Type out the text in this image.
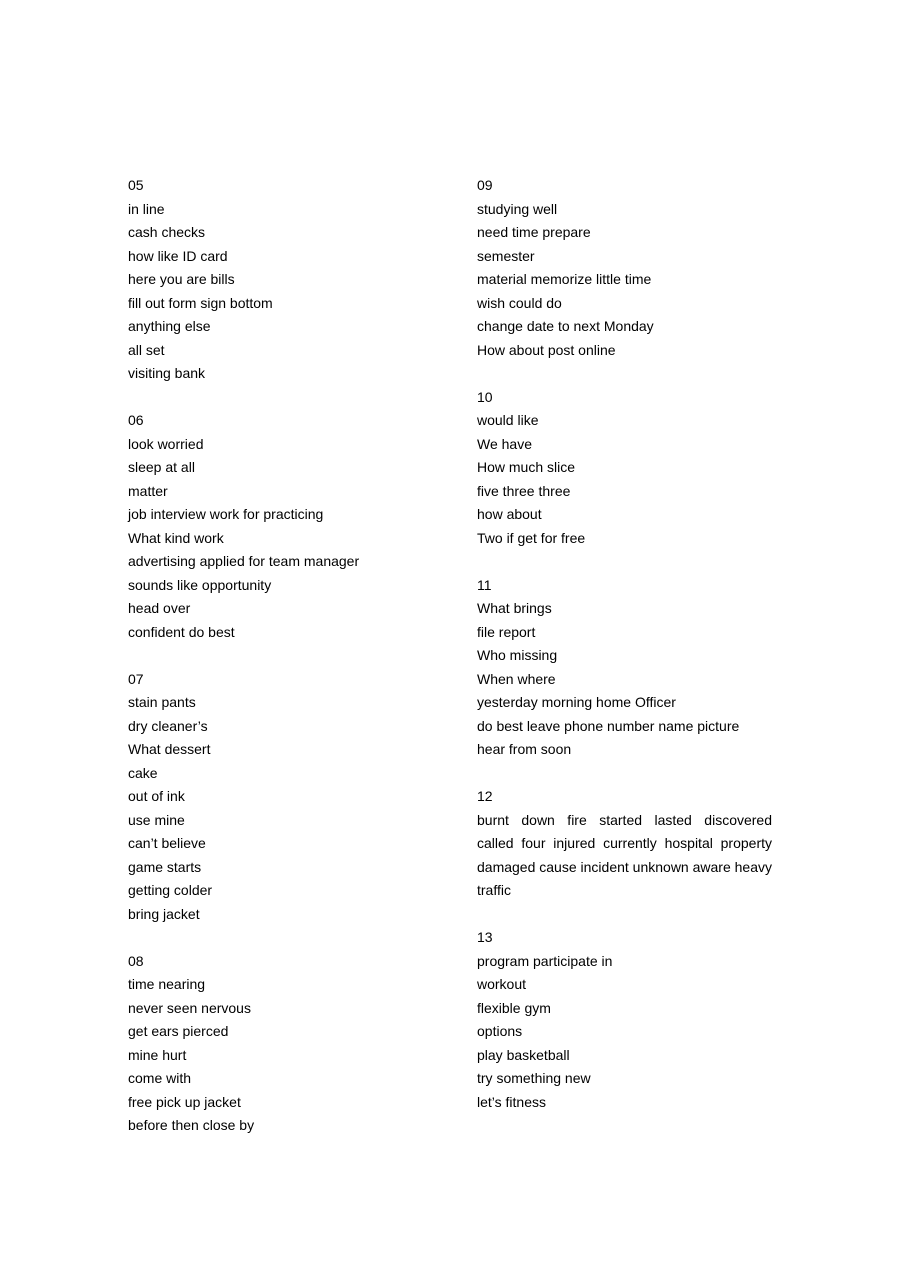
05
in line
cash checks
how like ID card
here you are bills
fill out form sign bottom
anything else
all set
visiting bank
06
look worried
sleep at all
matter
job interview work for practicing
What kind work
advertising applied for team manager
sounds like opportunity
head over
confident do best
07
stain pants
dry cleaner’s
What dessert
cake
out of ink
use mine
can’t believe
game starts
getting colder
bring jacket
08
time nearing
never seen nervous
get ears pierced
mine hurt
come with
free pick up jacket
before then close by
09
studying well
need time prepare
semester
material memorize little time
wish could do
change date to next Monday
How about post online
10
would like
We have
How much slice
five three three
how about
Two if get for free
11
What brings
file report
Who missing
When where
yesterday morning home Officer
do best leave phone number name picture
hear from soon
12
burnt down fire started lasted discovered
called four injured currently hospital property
damaged cause incident unknown aware heavy
traffic
13
program participate in
workout
flexible gym
options
play basketball
try something new
let’s fitness
